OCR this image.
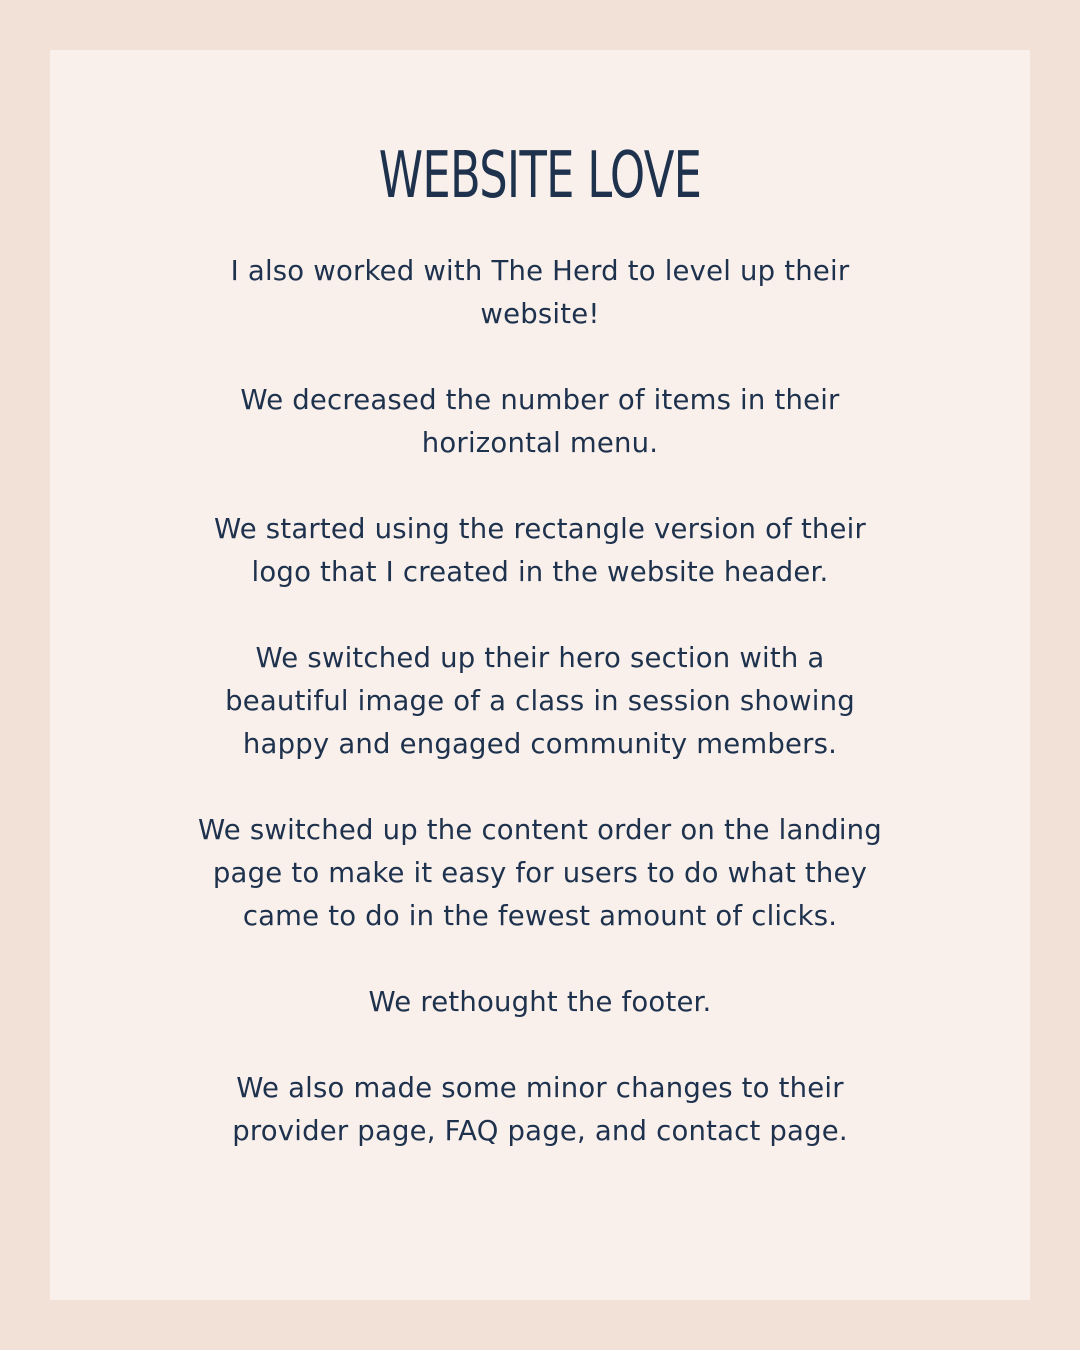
WEBSITE LOVE

I also worked with The Herd to level up their
website!

We decreased the number of items in their
horizontal menu.

We started using the rectangle version of their
logo that I created in the website header.

We switched up their hero section with a
beautiful image of a class in session showing
happy and engaged community members.

We switched up the content order on the landing
page to make it easy for users to do what they
came to do in the fewest amount of clicks.

We rethought the footer.

We also made some minor changes to their
provider page, FAQ page, and contact page.
